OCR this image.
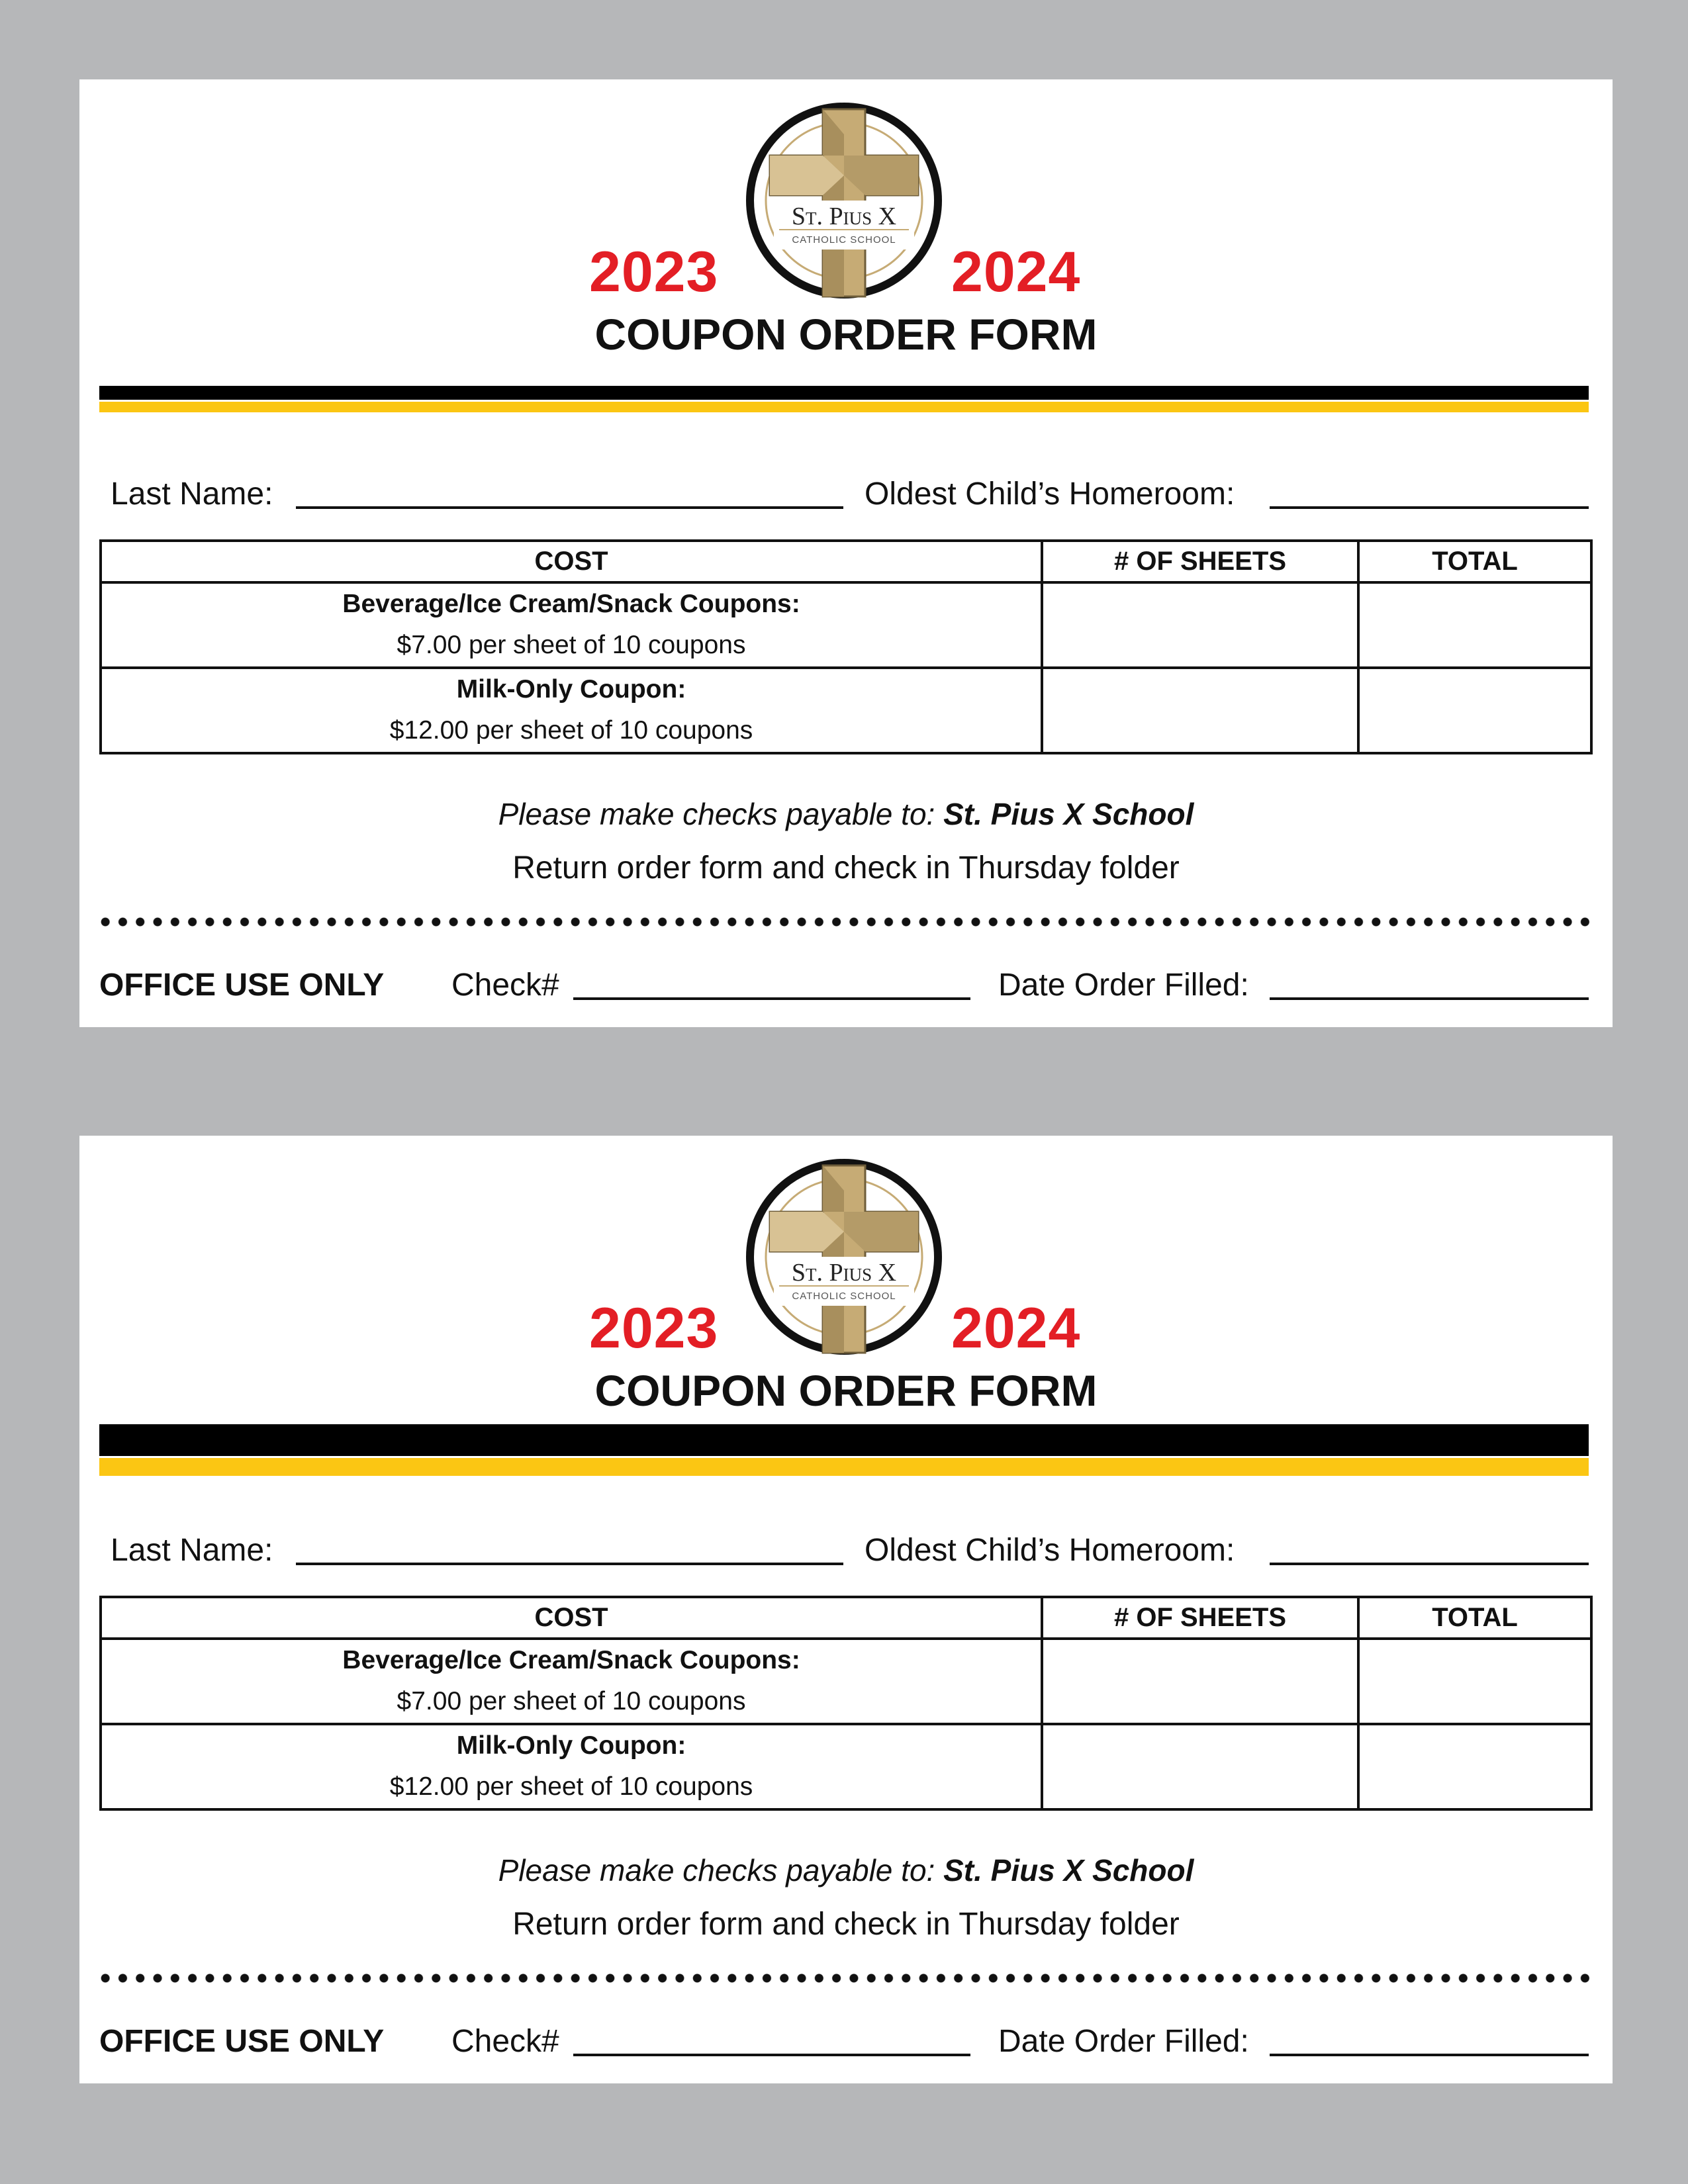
St. Pius X
CATHOLIC SCHOOL
2023	2024
COUPON ORDER FORM
Last Name:	Oldest Child’s Homeroom:
COST	# OF SHEETS	TOTAL

Beverage/Ice Cream/Snack Coupons:
$7.00 per sheet of 10 coupons		

Milk-Only Coupon:
$12.00 per sheet of 10 coupons		

Please make checks payable to: St. Pius X School
Return order form and check in Thursday folder
OFFICE USE ONLY Check#	Date Order Filled:
St. Pius X
CATHOLIC SCHOOL
2023	2024
COUPON ORDER FORM
Last Name:	Oldest Child’s Homeroom:
COST	# OF SHEETS	TOTAL

Beverage/Ice Cream/Snack Coupons:
$7.00 per sheet of 10 coupons		

Milk-Only Coupon:
$12.00 per sheet of 10 coupons		

Please make checks payable to: St. Pius X School
Return order form and check in Thursday folder
OFFICE USE ONLY Check#	Date Order Filled:
